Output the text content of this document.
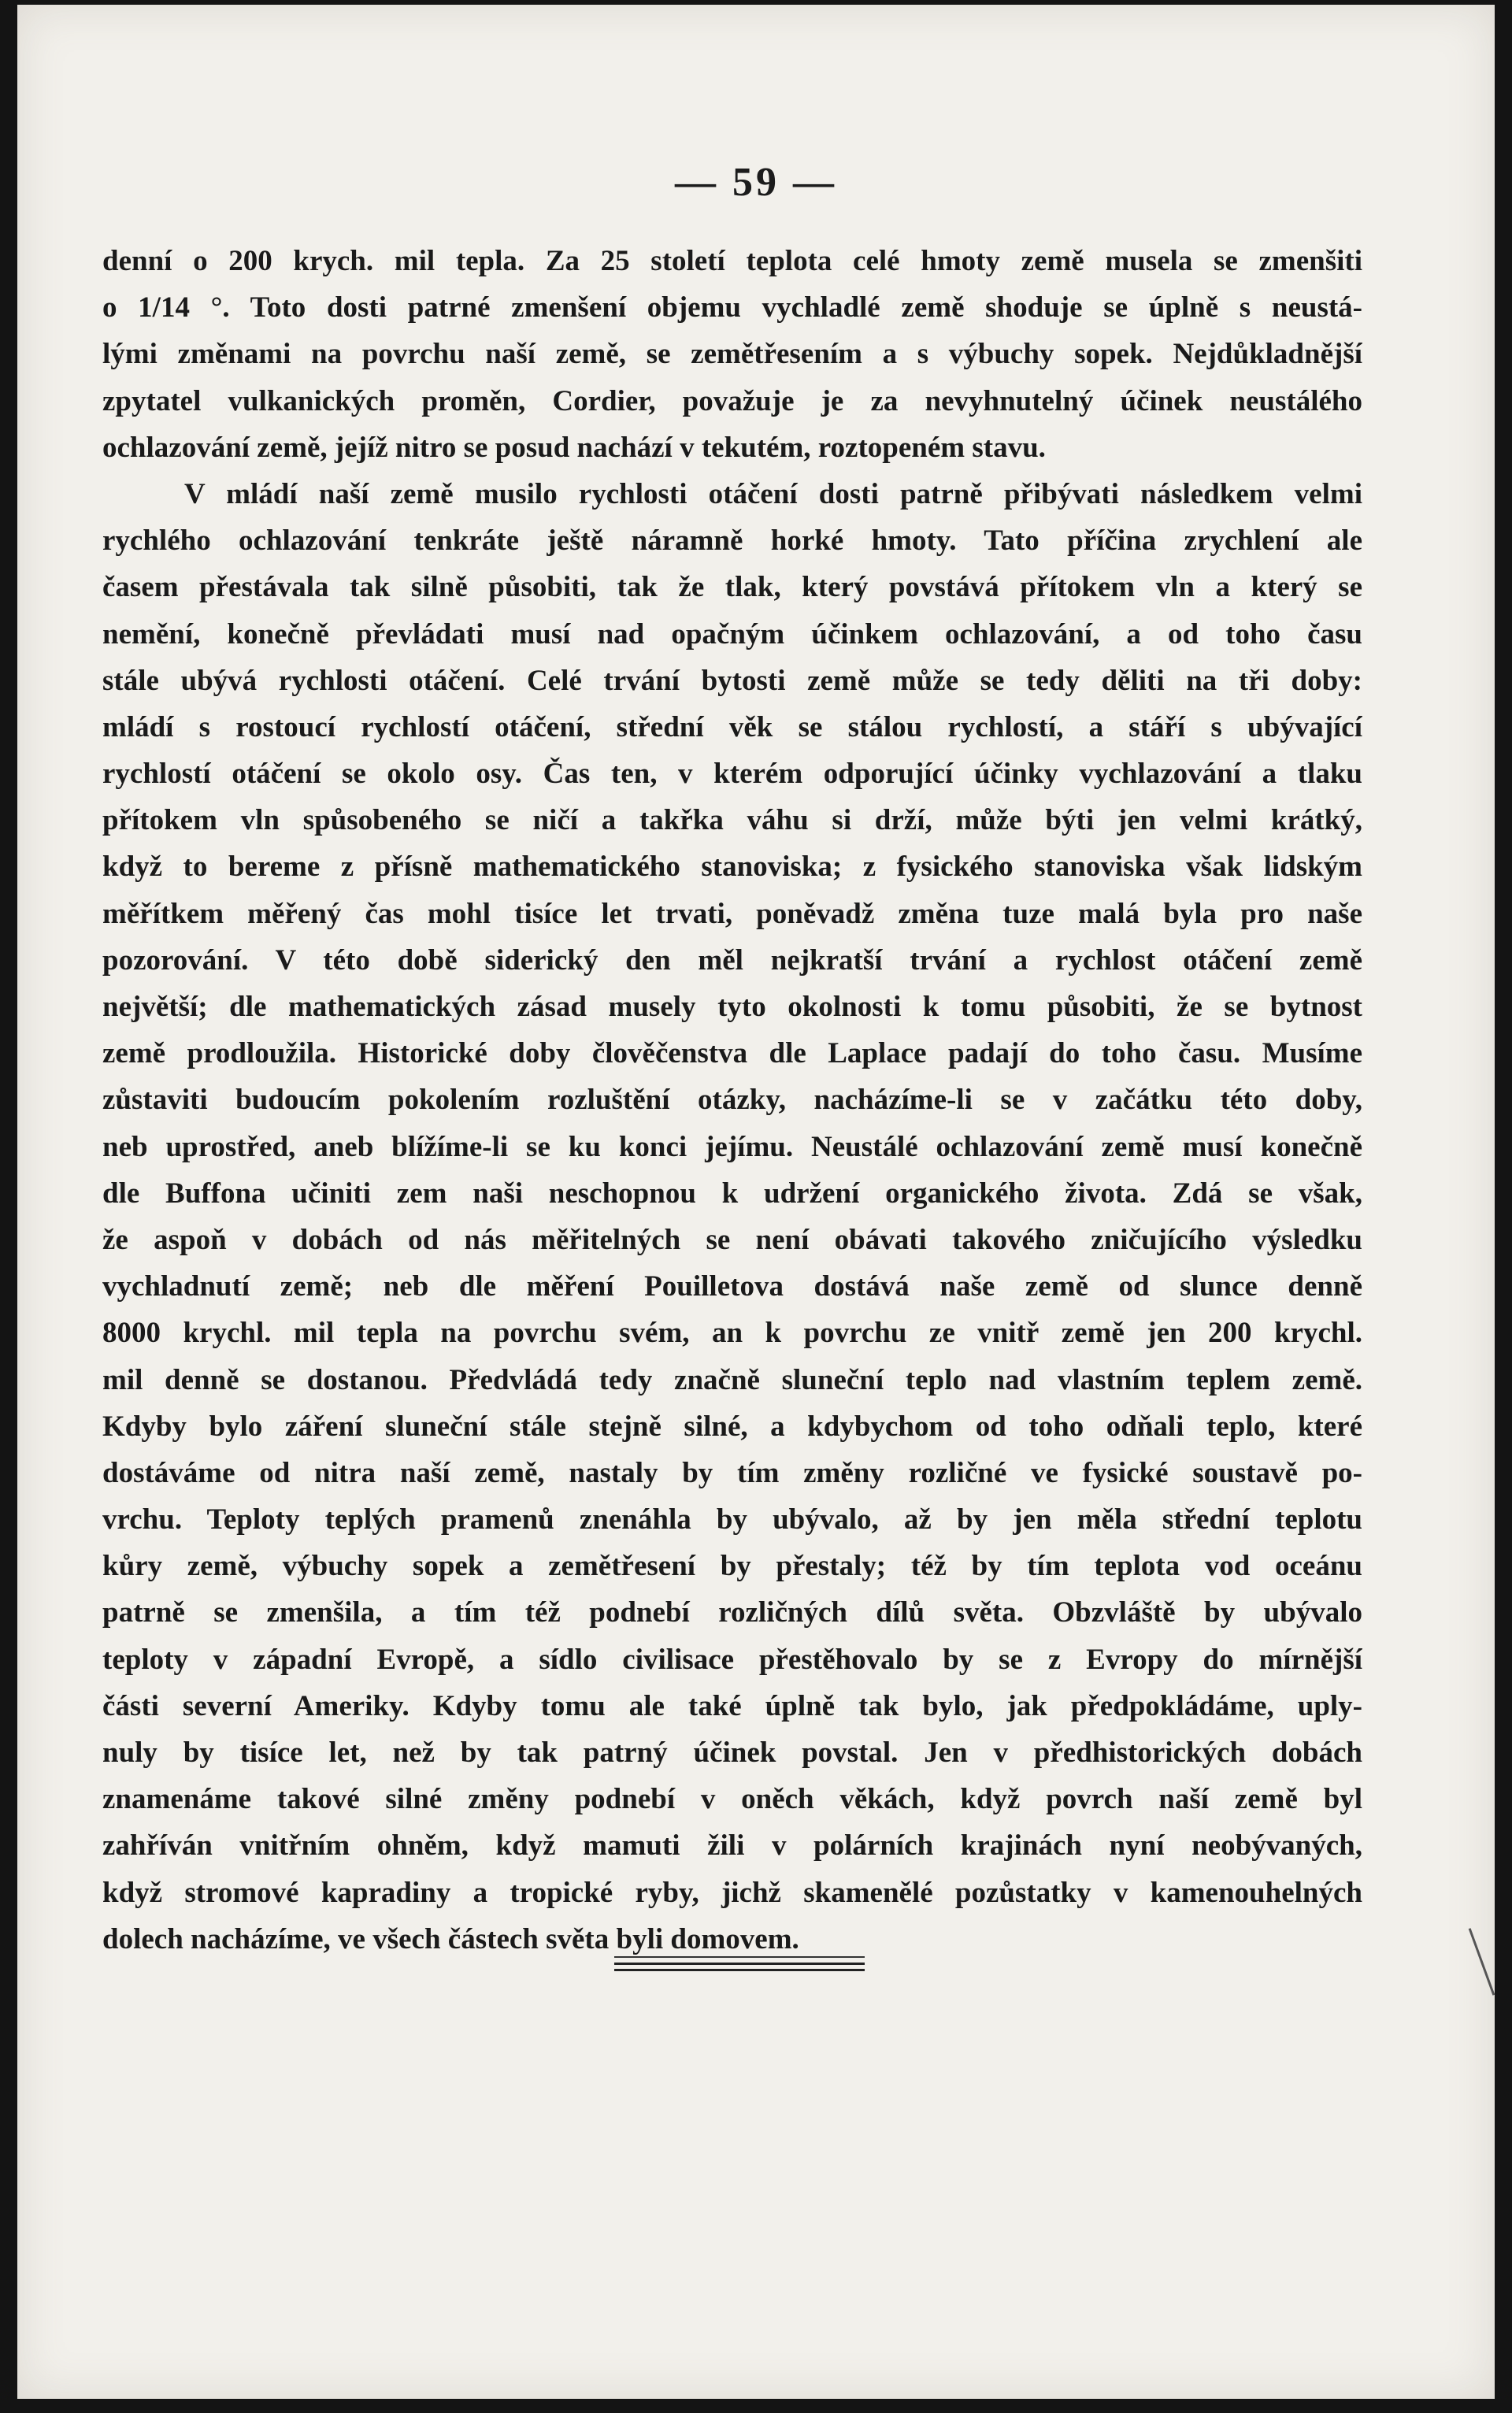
— 59 —
denní o 200 krych. mil tepla. Za 25 století teplota celé hmoty země musela se zmenšiti
o 1/14 °. Toto dosti patrné zmenšení objemu vychladlé země shoduje se úplně s neustá-
lými změnami na povrchu naší země, se zemětřesením a s výbuchy sopek. Nejdůkladnější
zpytatel vulkanických proměn, Cordier, považuje je za nevyhnutelný účinek neustálého
ochlazování země, jejíž nitro se posud nachází v tekutém, roztopeném stavu.
V mládí naší země musilo rychlosti otáčení dosti patrně přibývati následkem velmi
rychlého ochlazování tenkráte ještě náramně horké hmoty. Tato příčina zrychlení ale
časem přestávala tak silně působiti, tak že tlak, který povstává přítokem vln a který se
nemění, konečně převládati musí nad opačným účinkem ochlazování, a od toho času
stále ubývá rychlosti otáčení. Celé trvání bytosti země může se tedy děliti na tři doby:
mládí s rostoucí rychlostí otáčení, střední věk se stálou rychlostí, a stáří s ubývající
rychlostí otáčení se okolo osy. Čas ten, v kterém odporující účinky vychlazování a tlaku
přítokem vln spůsobeného se ničí a takřka váhu si drží, může býti jen velmi krátký,
když to bereme z přísně mathematického stanoviska; z fysického stanoviska však lidským
měřítkem měřený čas mohl tisíce let trvati, poněvadž změna tuze malá byla pro naše
pozorování. V této době siderický den měl nejkratší trvání a rychlost otáčení země
největší; dle mathematických zásad musely tyto okolnosti k tomu působiti, že se bytnost
země prodloužila. Historické doby člověčenstva dle Laplace padají do toho času. Musíme
zůstaviti budoucím pokolením rozluštění otázky, nacházíme-li se v začátku této doby,
neb uprostřed, aneb blížíme-li se ku konci jejímu. Neustálé ochlazování země musí konečně
dle Buffona učiniti zem naši neschopnou k udržení organického života. Zdá se však,
že aspoň v dobách od nás měřitelných se není obávati takového zničujícího výsledku
vychladnutí země; neb dle měření Pouilletova dostává naše země od slunce denně
8000 krychl. mil tepla na povrchu svém, an k povrchu ze vnitř země jen 200 krychl.
mil denně se dostanou. Předvládá tedy značně sluneční teplo nad vlastním teplem země.
Kdyby bylo záření sluneční stále stejně silné, a kdybychom od toho odňali teplo, které
dostáváme od nitra naší země, nastaly by tím změny rozličné ve fysické soustavě po-
vrchu. Teploty teplých pramenů znenáhla by ubývalo, až by jen měla střední teplotu
kůry země, výbuchy sopek a zemětřesení by přestaly; též by tím teplota vod oceánu
patrně se zmenšila, a tím též podnebí rozličných dílů světa. Obzvláště by ubývalo
teploty v západní Evropě, a sídlo civilisace přestěhovalo by se z Evropy do mírnější
části severní Ameriky. Kdyby tomu ale také úplně tak bylo, jak předpokládáme, uply-
nuly by tisíce let, než by tak patrný účinek povstal. Jen v předhistorických dobách
znamenáme takové silné změny podnebí v oněch věkách, když povrch naší země byl
zahříván vnitřním ohněm, když mamuti žili v polárních krajinách nyní neobývaných,
když stromové kapradiny a tropické ryby, jichž skamenělé pozůstatky v kamenouhelných
dolech nacházíme, ve všech částech světa byli domovem.
